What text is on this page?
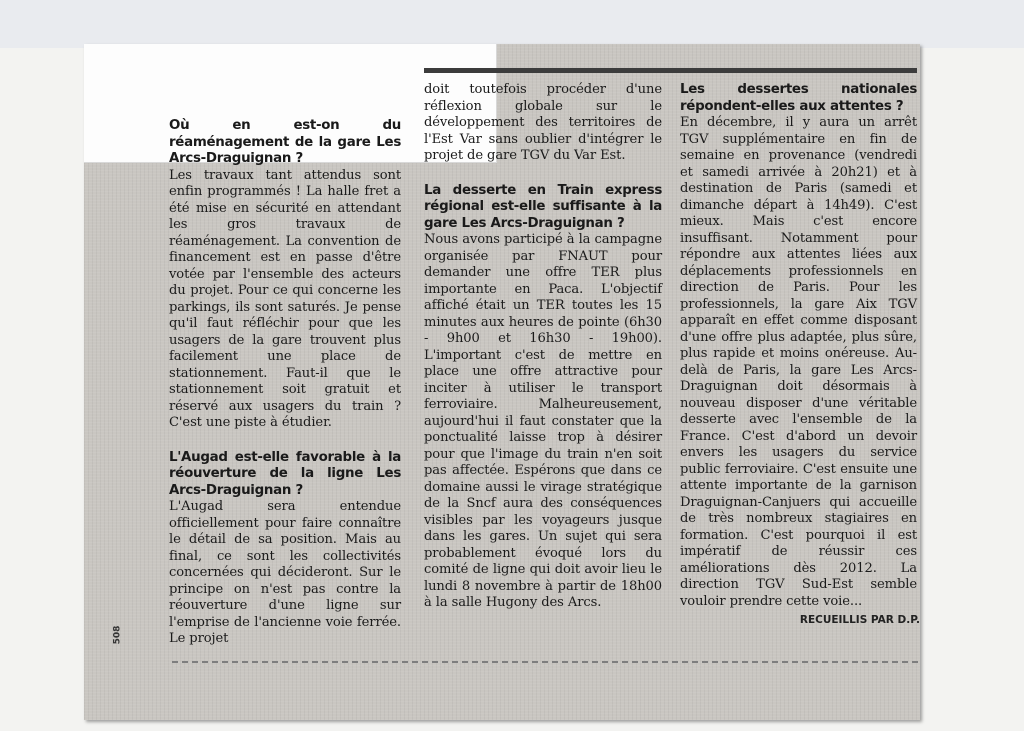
Où en est-on du réaménagement de la gare Les Arcs-Draguignan ?

Les travaux tant attendus sont enfin programmés ! La halle fret a été mise en sécurité en attendant les gros travaux de réaménagement. La convention de financement est en passe d'être votée par l'ensemble des acteurs du projet. Pour ce qui concerne les parkings, ils sont saturés. Je pense qu'il faut réfléchir pour que les usagers de la gare trouvent plus facilement une place de stationnement. Faut-il que le stationnement soit gratuit et réservé aux usagers du train ? C'est une piste à étudier.

L'Augad est-elle favorable à la réouverture de la ligne Les Arcs-Draguignan ?

L'Augad sera entendue officiellement pour faire connaître le détail de sa position. Mais au final, ce sont les collectivités concernées qui décideront. Sur le principe on n'est pas contre la réouverture d'une ligne sur l'emprise de l'ancienne voie ferrée. Le projet

doit toutefois procéder d'une réflexion globale sur le développement des territoires de l'Est Var sans oublier d'intégrer le projet de gare TGV du Var Est.

La desserte en Train express régional est-elle suffisante à la gare Les Arcs-Draguignan ?

Nous avons participé à la campagne organisée par FNAUT pour demander une offre TER plus importante en Paca. L'objectif affiché était un TER toutes les 15 minutes aux heures de pointe (6h30 - 9h00 et 16h30 - 19h00). L'important c'est de mettre en place une offre attractive pour inciter à utiliser le transport ferroviaire. Malheureusement, aujourd'hui il faut constater que la ponctualité laisse trop à désirer pour que l'image du train n'en soit pas affectée. Espérons que dans ce domaine aussi le virage stratégique de la Sncf aura des conséquences visibles par les voyageurs jusque dans les gares. Un sujet qui sera probablement évoqué lors du comité de ligne qui doit avoir lieu le lundi 8 novembre à partir de 18h00 à la salle Hugony des Arcs.

Les dessertes nationales répondent-elles aux attentes ?

En décembre, il y aura un arrêt TGV supplémentaire en fin de semaine en provenance (vendredi et samedi arrivée à 20h21) et à destination de Paris (samedi et dimanche départ à 14h49). C'est mieux. Mais c'est encore insuffisant. Notamment pour répondre aux attentes liées aux déplacements professionnels en direction de Paris. Pour les professionnels, la gare Aix TGV apparaît en effet comme disposant d'une offre plus adaptée, plus sûre, plus rapide et moins onéreuse. Au-delà de Paris, la gare Les Arcs-Draguignan doit désormais à nouveau disposer d'une véritable desserte avec l'ensemble de la France. C'est d'abord un devoir envers les usagers du service public ferroviaire. C'est ensuite une attente importante de la garnison Draguignan-Canjuers qui accueille de très nombreux stagiaires en formation. C'est pourquoi il est impératif de réussir ces améliorations dès 2012. La direction TGV Sud-Est semble vouloir prendre cette voie...

RECUEILLIS PAR D.P.
508
